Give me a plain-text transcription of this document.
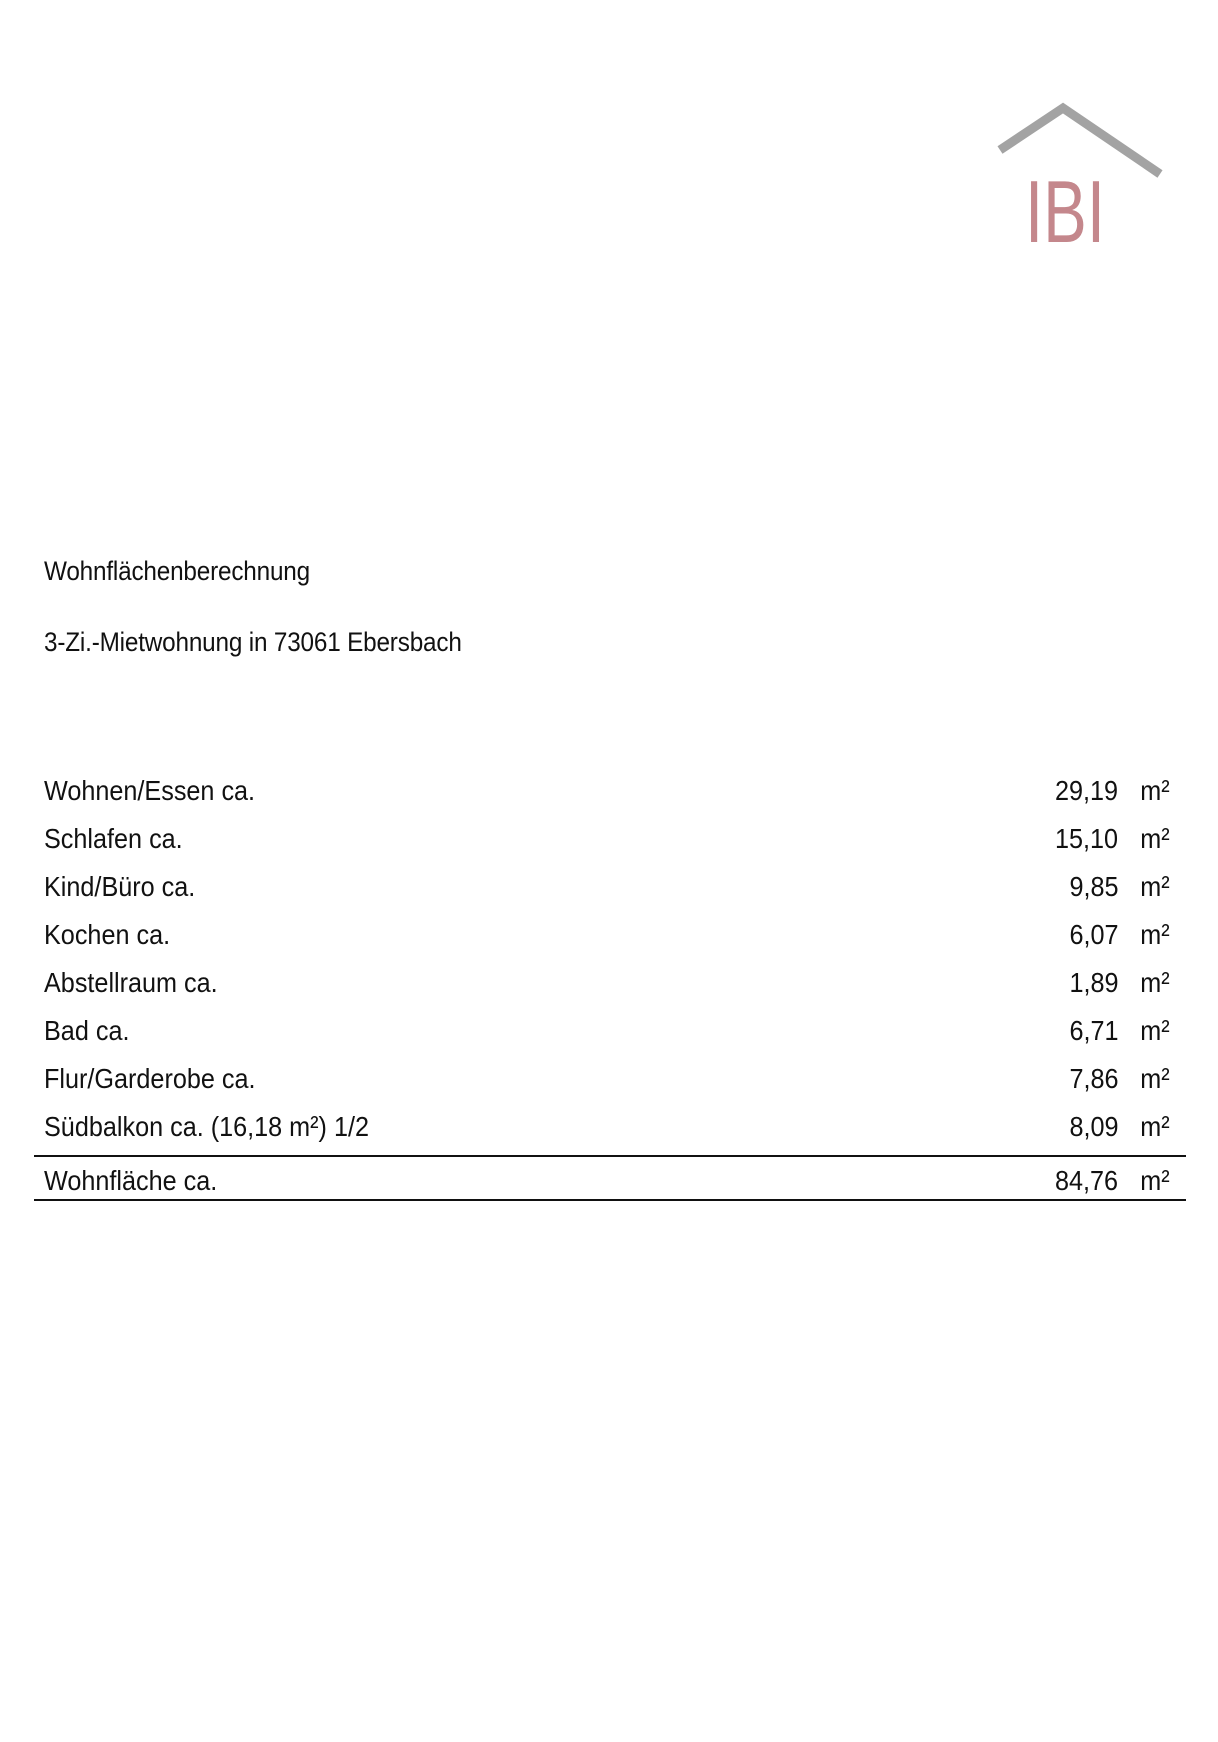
IBI
Wohnflächenberechnung
3-Zi.-Mietwohnung in 73061 Ebersbach
Wohnen/Essen ca.	29,19 m²
Schlafen ca.	15,10 m²
Kind/Büro ca.	9,85 m²
Kochen ca.	6,07 m²
Abstellraum ca.	1,89 m²
Bad ca.	6,71 m²
Flur/Garderobe ca.	7,86 m²
Südbalkon ca. (16,18 m²) 1/2	8,09 m²
Wohnfläche ca.	84,76 m²
